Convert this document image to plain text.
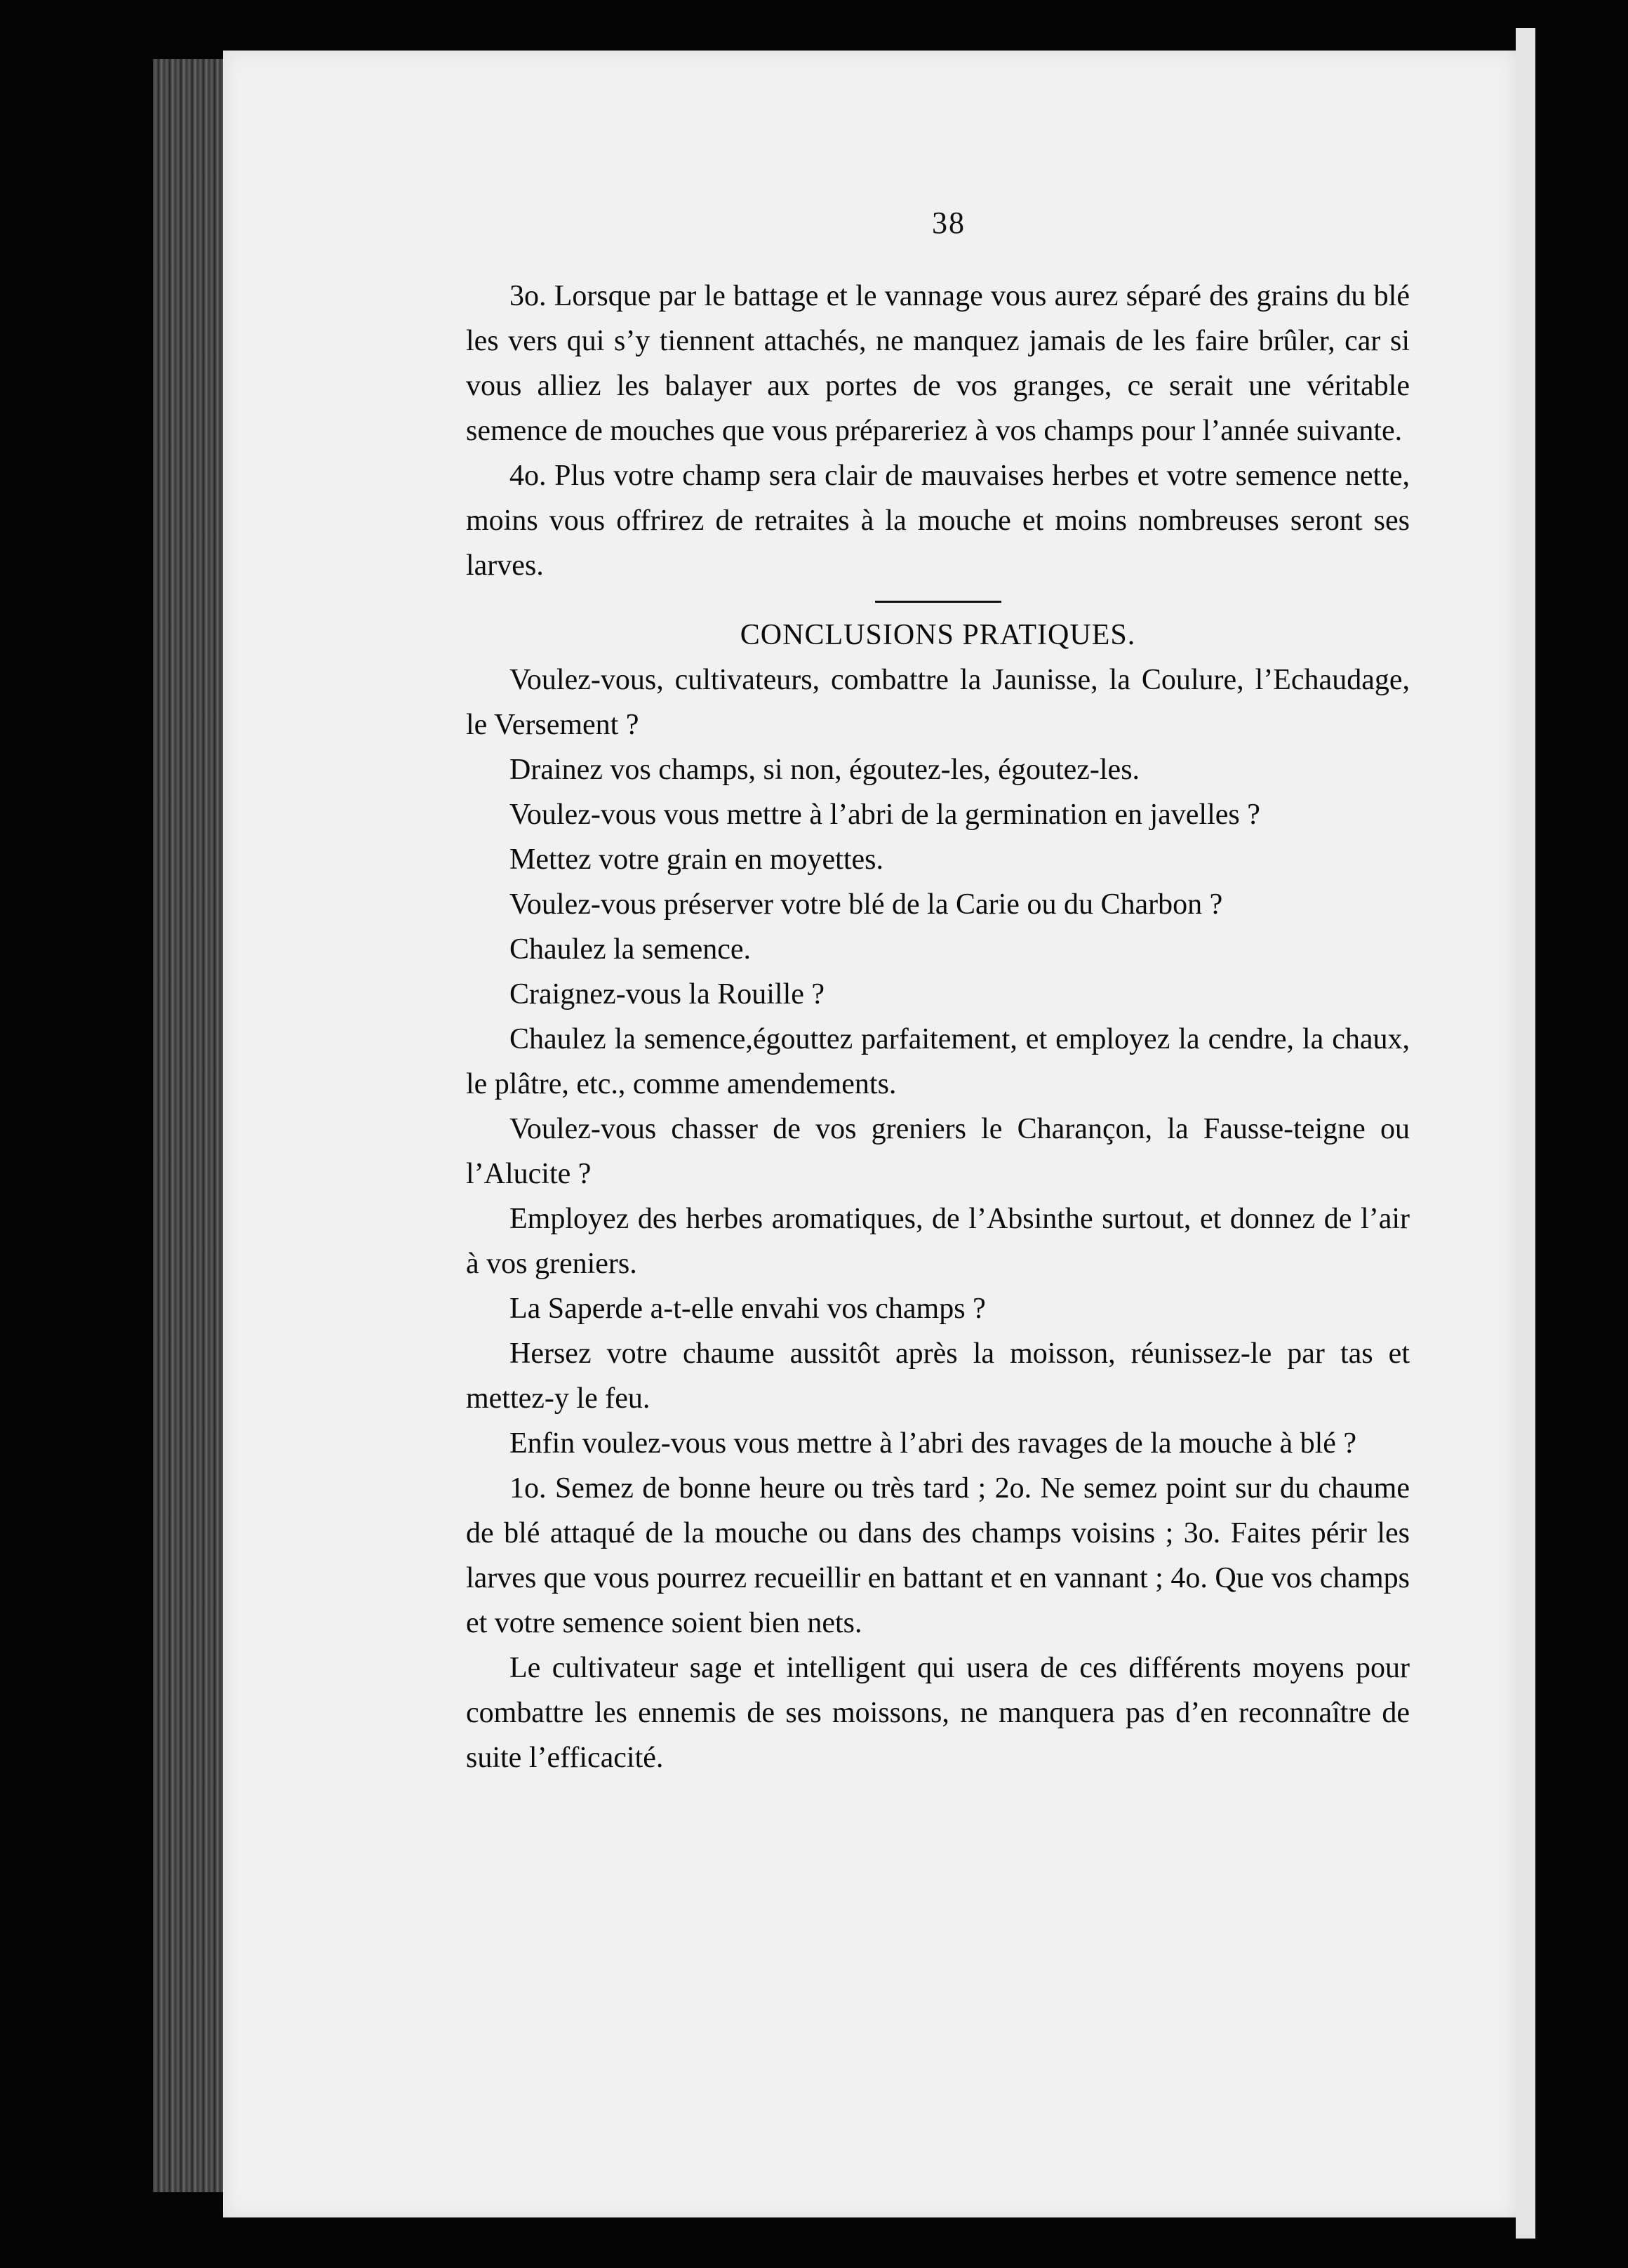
38

3o. Lorsque par le battage et le vannage vous aurez séparé des grains du blé les vers qui s’y tiennent attachés, ne manquez jamais de les faire brûler, car si vous alliez les balayer aux portes de vos granges, ce serait une véritable semence de mouches que vous prépareriez à vos champs pour l’année suivante.

4o. Plus votre champ sera clair de mauvaises herbes et votre semence nette, moins vous offrirez de retraites à la mouche et moins nombreuses seront ses larves.

CONCLUSIONS PRATIQUES.

Voulez-vous, cultivateurs, combattre la Jaunisse, la Coulure, l’Echaudage, le Versement ?

Drainez vos champs, si non, égoutez-les, égoutez-les.

Voulez-vous vous mettre à l’abri de la germination en javelles ?

Mettez votre grain en moyettes.

Voulez-vous préserver votre blé de la Carie ou du Charbon ?

Chaulez la semence.

Craignez-vous la Rouille ?

Chaulez la semence,égouttez parfaitement, et employez la cendre, la chaux, le plâtre, etc., comme amendements.

Voulez-vous chasser de vos greniers le Charançon, la Fausse-teigne ou l’Alucite ?

Employez des herbes aromatiques, de l’Absinthe surtout, et donnez de l’air à vos greniers.

La Saperde a-t-elle envahi vos champs ?

Hersez votre chaume aussitôt après la moisson, réunissez-le par tas et mettez-y le feu.

Enfin voulez-vous vous mettre à l’abri des ravages de la mouche à blé ?

1o. Semez de bonne heure ou très tard ; 2o. Ne semez point sur du chaume de blé attaqué de la mouche ou dans des champs voisins ; 3o. Faites périr les larves que vous pourrez recueillir en battant et en vannant ; 4o. Que vos champs et votre semence soient bien nets.

Le cultivateur sage et intelligent qui usera de ces différents moyens pour combattre les ennemis de ses moissons, ne manquera pas d’en reconnaître de suite l’efficacité.
